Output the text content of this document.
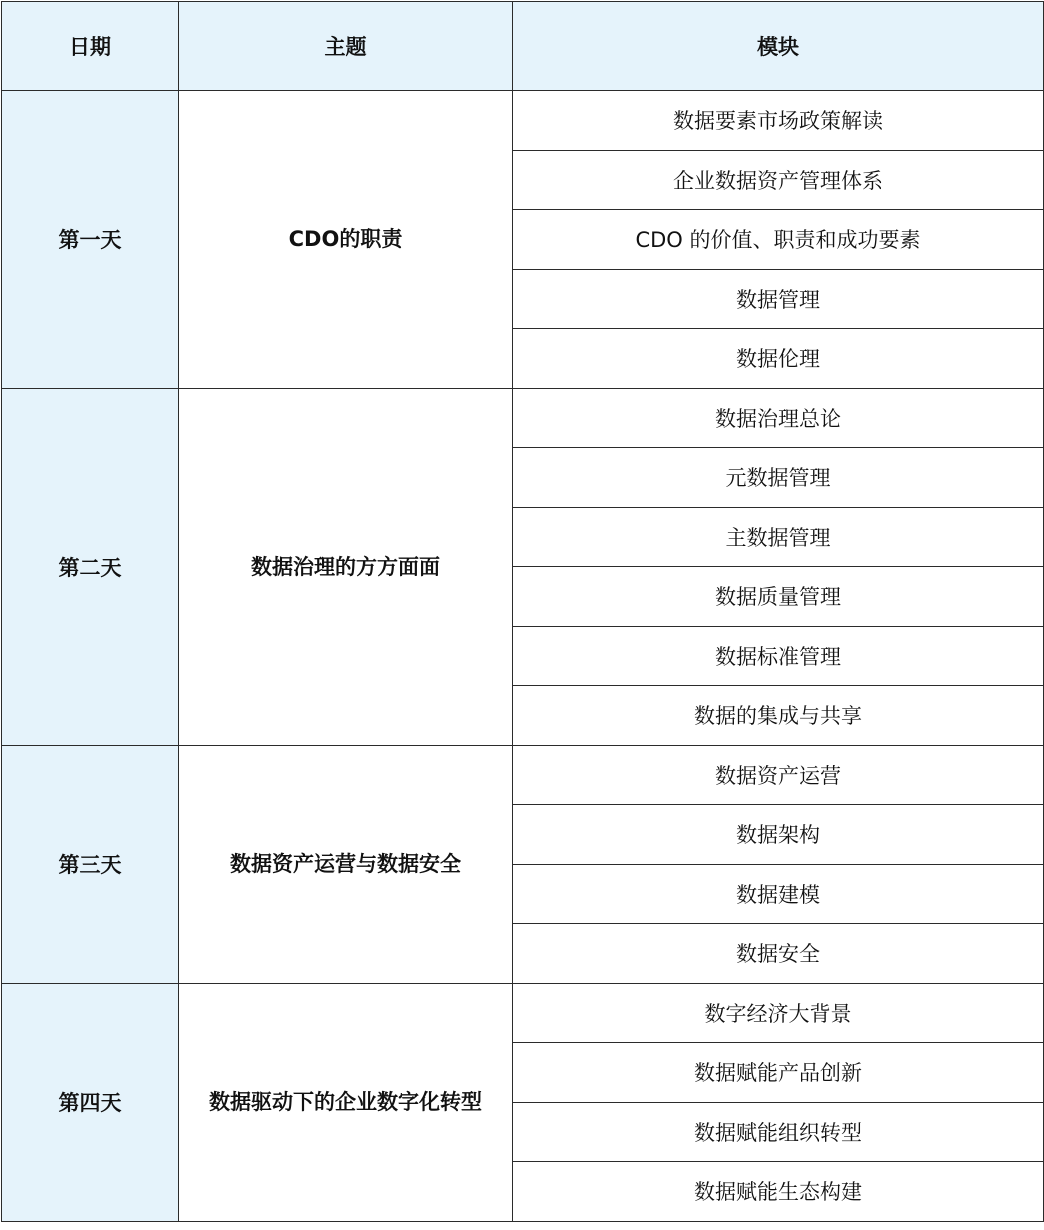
日期	主题	模块
第一天	CDO的职责	数据要素市场政策解读
		企业数据资产管理体系
		CDO 的价值、职责和成功要素
		数据管理
		数据伦理
第二天	数据治理的方方面面	数据治理总论
		元数据管理
		主数据管理
		数据质量管理
		数据标准管理
		数据的集成与共享
第三天	数据资产运营与数据安全	数据资产运营
		数据架构
		数据建模
		数据安全
第四天	数据驱动下的企业数字化转型	数字经济大背景
		数据赋能产品创新
		数据赋能组织转型
		数据赋能生态构建
